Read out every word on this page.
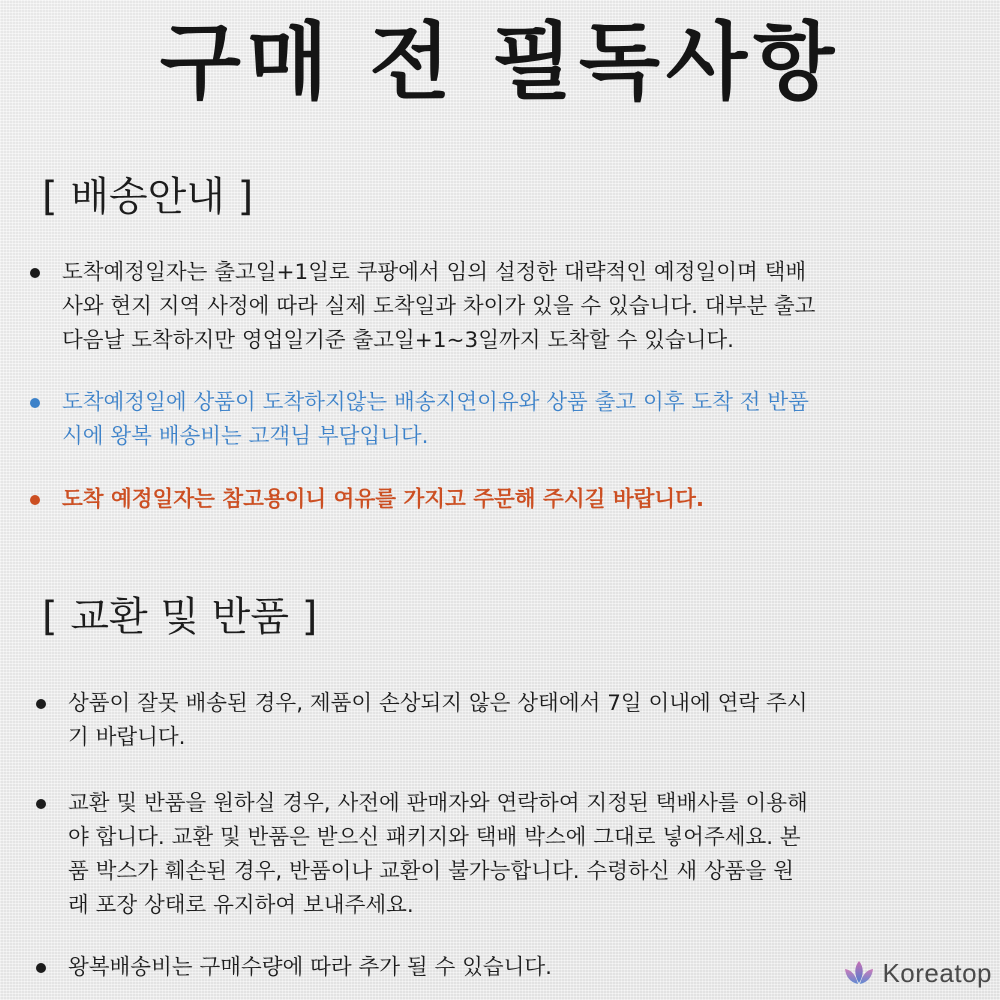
구매 전 필독사항
[ 배송안내 ]
도착예정일자는 출고일+1일로 쿠팡에서 임의 설정한 대략적인 예정일이며 택배
사와 현지 지역 사정에 따라 실제 도착일과 차이가 있을 수 있습니다. 대부분 출고
다음날 도착하지만 영업일기준 출고일+1~3일까지 도착할 수 있습니다.
도착예정일에 상품이 도착하지않는 배송지연이유와 상품 출고 이후 도착 전 반품
시에 왕복 배송비는 고객님 부담입니다.
도착 예정일자는 참고용이니 여유를 가지고 주문해 주시길 바랍니다.
[ 교환 및 반품 ]
상품이 잘못 배송된 경우, 제품이 손상되지 않은 상태에서 7일 이내에 연락 주시
기 바랍니다.
교환 및 반품을 원하실 경우, 사전에 판매자와 연락하여 지정된 택배사를 이용해
야 합니다. 교환 및 반품은 받으신 패키지와 택배 박스에 그대로 넣어주세요. 본
품 박스가 훼손된 경우, 반품이나 교환이 불가능합니다. 수령하신 새 상품을 원
래 포장 상태로 유지하여 보내주세요.
왕복배송비는 구매수량에 따라 추가 될 수 있습니다.	Koreatop
